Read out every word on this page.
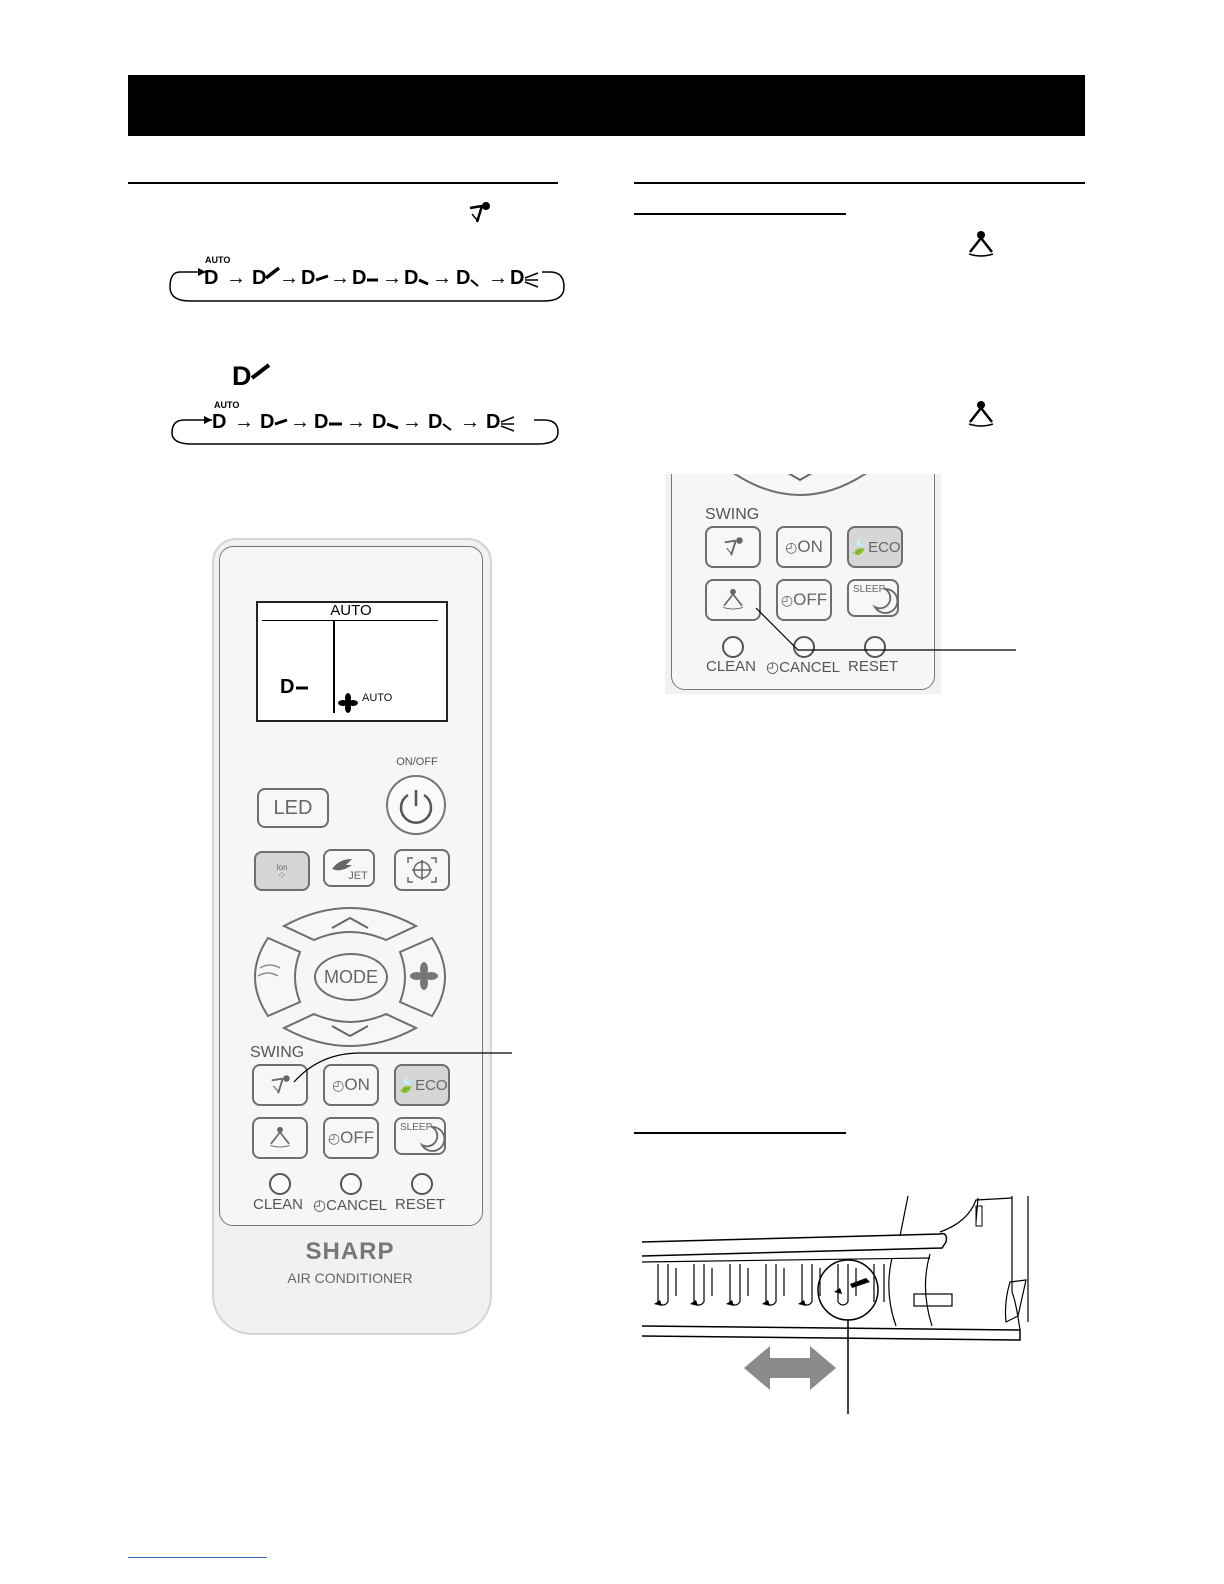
D
AUTO
D → D → D → D → D → D → D
AUTO
D → D → D → D → D → D
AUTO
D	AUTO
ON/OFF
LED
Ion
⁘	JET
MODE
SWING
◴ ON 🍃 ECO
◴ OFF
SLEEP
CLEAN ◴CANCEL RESET
SHARP
AIR CONDITIONER
SWING
◴ ON 🍃 ECO
◴ OFF
SLEEP
CLEAN ◴CANCEL RESET
